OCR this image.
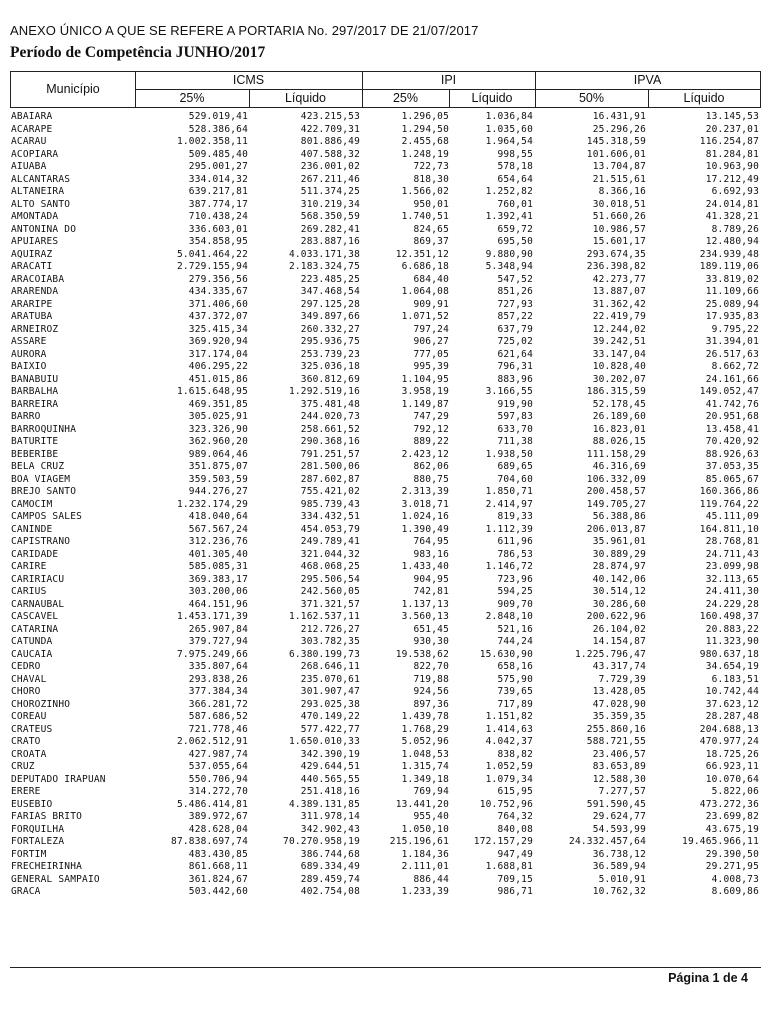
ANEXO ÚNICO A QUE SE REFERE A PORTARIA No. 297/2017 DE 21/07/2017
Período de Competência JUNHO/2017
Município
ICMS	IPI	IPVA
25%	Líquido	25%	Líquido	50%	Líquido
ABAIARA	529.019,41	423.215,53	1.296,05	1.036,84	16.431,91	13.145,53
ACARAPE	528.386,64	422.709,31	1.294,50	1.035,60	25.296,26	20.237,01
ACARAU	1.002.358,11	801.886,49	2.455,68	1.964,54	145.318,59	116.254,87
ACOPIARA	509.485,40	407.588,32	1.248,19	998,55	101.606,01	81.284,81
AIUABA	295.001,27	236.001,02	722,73	578,18	13.704,87	10.963,90
ALCANTARAS	334.014,32	267.211,46	818,30	654,64	21.515,61	17.212,49
ALTANEIRA	639.217,81	511.374,25	1.566,02	1.252,82	8.366,16	6.692,93
ALTO SANTO	387.774,17	310.219,34	950,01	760,01	30.018,51	24.014,81
AMONTADA	710.438,24	568.350,59	1.740,51	1.392,41	51.660,26	41.328,21
ANTONINA DO	336.603,01	269.282,41	824,65	659,72	10.986,57	8.789,26
APUIARES	354.858,95	283.887,16	869,37	695,50	15.601,17	12.480,94
AQUIRAZ	5.041.464,22	4.033.171,38	12.351,12	9.880,90	293.674,35	234.939,48
ARACATI	2.729.155,94	2.183.324,75	6.686,18	5.348,94	236.398,82	189.119,06
ARACOIABA	279.356,56	223.485,25	684,40	547,52	42.273,77	33.819,02
ARARENDA	434.335,67	347.468,54	1.064,08	851,26	13.887,07	11.109,66
ARARIPE	371.406,60	297.125,28	909,91	727,93	31.362,42	25.089,94
ARATUBA	437.372,07	349.897,66	1.071,52	857,22	22.419,79	17.935,83
ARNEIROZ	325.415,34	260.332,27	797,24	637,79	12.244,02	9.795,22
ASSARE	369.920,94	295.936,75	906,27	725,02	39.242,51	31.394,01
AURORA	317.174,04	253.739,23	777,05	621,64	33.147,04	26.517,63
BAIXIO	406.295,22	325.036,18	995,39	796,31	10.828,40	8.662,72
BANABUIU	451.015,86	360.812,69	1.104,95	883,96	30.202,07	24.161,66
BARBALHA	1.615.648,95	1.292.519,16	3.958,19	3.166,55	186.315,59	149.052,47
BARREIRA	469.351,85	375.481,48	1.149,87	919,90	52.178,45	41.742,76
BARRO	305.025,91	244.020,73	747,29	597,83	26.189,60	20.951,68
BARROQUINHA	323.326,90	258.661,52	792,12	633,70	16.823,01	13.458,41
BATURITE	362.960,20	290.368,16	889,22	711,38	88.026,15	70.420,92
BEBERIBE	989.064,46	791.251,57	2.423,12	1.938,50	111.158,29	88.926,63
BELA CRUZ	351.875,07	281.500,06	862,06	689,65	46.316,69	37.053,35
BOA VIAGEM	359.503,59	287.602,87	880,75	704,60	106.332,09	85.065,67
BREJO SANTO	944.276,27	755.421,02	2.313,39	1.850,71	200.458,57	160.366,86
CAMOCIM	1.232.174,29	985.739,43	3.018,71	2.414,97	149.705,27	119.764,22
CAMPOS SALES	418.040,64	334.432,51	1.024,16	819,33	56.388,86	45.111,09
CANINDE	567.567,24	454.053,79	1.390,49	1.112,39	206.013,87	164.811,10
CAPISTRANO	312.236,76	249.789,41	764,95	611,96	35.961,01	28.768,81
CARIDADE	401.305,40	321.044,32	983,16	786,53	30.889,29	24.711,43
CARIRE	585.085,31	468.068,25	1.433,40	1.146,72	28.874,97	23.099,98
CARIRIACU	369.383,17	295.506,54	904,95	723,96	40.142,06	32.113,65
CARIUS	303.200,06	242.560,05	742,81	594,25	30.514,12	24.411,30
CARNAUBAL	464.151,96	371.321,57	1.137,13	909,70	30.286,60	24.229,28
CASCAVEL	1.453.171,39	1.162.537,11	3.560,13	2.848,10	200.622,96	160.498,37
CATARINA	265.907,84	212.726,27	651,45	521,16	26.104,02	20.883,22
CATUNDA	379.727,94	303.782,35	930,30	744,24	14.154,87	11.323,90
CAUCAIA	7.975.249,66	6.380.199,73	19.538,62	15.630,90	1.225.796,47	980.637,18
CEDRO	335.807,64	268.646,11	822,70	658,16	43.317,74	34.654,19
CHAVAL	293.838,26	235.070,61	719,88	575,90	7.729,39	6.183,51
CHORO	377.384,34	301.907,47	924,56	739,65	13.428,05	10.742,44
CHOROZINHO	366.281,72	293.025,38	897,36	717,89	47.028,90	37.623,12
COREAU	587.686,52	470.149,22	1.439,78	1.151,82	35.359,35	28.287,48
CRATEUS	721.778,46	577.422,77	1.768,29	1.414,63	255.860,16	204.688,13
CRATO	2.062.512,91	1.650.010,33	5.052,96	4.042,37	588.721,55	470.977,24
CROATA	427.987,74	342.390,19	1.048,53	838,82	23.406,57	18.725,26
CRUZ	537.055,64	429.644,51	1.315,74	1.052,59	83.653,89	66.923,11
DEPUTADO IRAPUAN	550.706,94	440.565,55	1.349,18	1.079,34	12.588,30	10.070,64
ERERE	314.272,70	251.418,16	769,94	615,95	7.277,57	5.822,06
EUSEBIO	5.486.414,81	4.389.131,85	13.441,20	10.752,96	591.590,45	473.272,36
FARIAS BRITO	389.972,67	311.978,14	955,40	764,32	29.624,77	23.699,82
FORQUILHA	428.628,04	342.902,43	1.050,10	840,08	54.593,99	43.675,19
FORTALEZA	87.838.697,74	70.270.958,19	215.196,61	172.157,29	24.332.457,64	19.465.966,11
FORTIM	483.430,85	386.744,68	1.184,36	947,49	36.738,12	29.390,50
FRECHEIRINHA	861.668,11	689.334,49	2.111,01	1.688,81	36.589,94	29.271,95
GENERAL SAMPAIO	361.824,67	289.459,74	886,44	709,15	5.010,91	4.008,73
GRACA	503.442,60	402.754,08	1.233,39	986,71	10.762,32	8.609,86
Página 1 de 4
